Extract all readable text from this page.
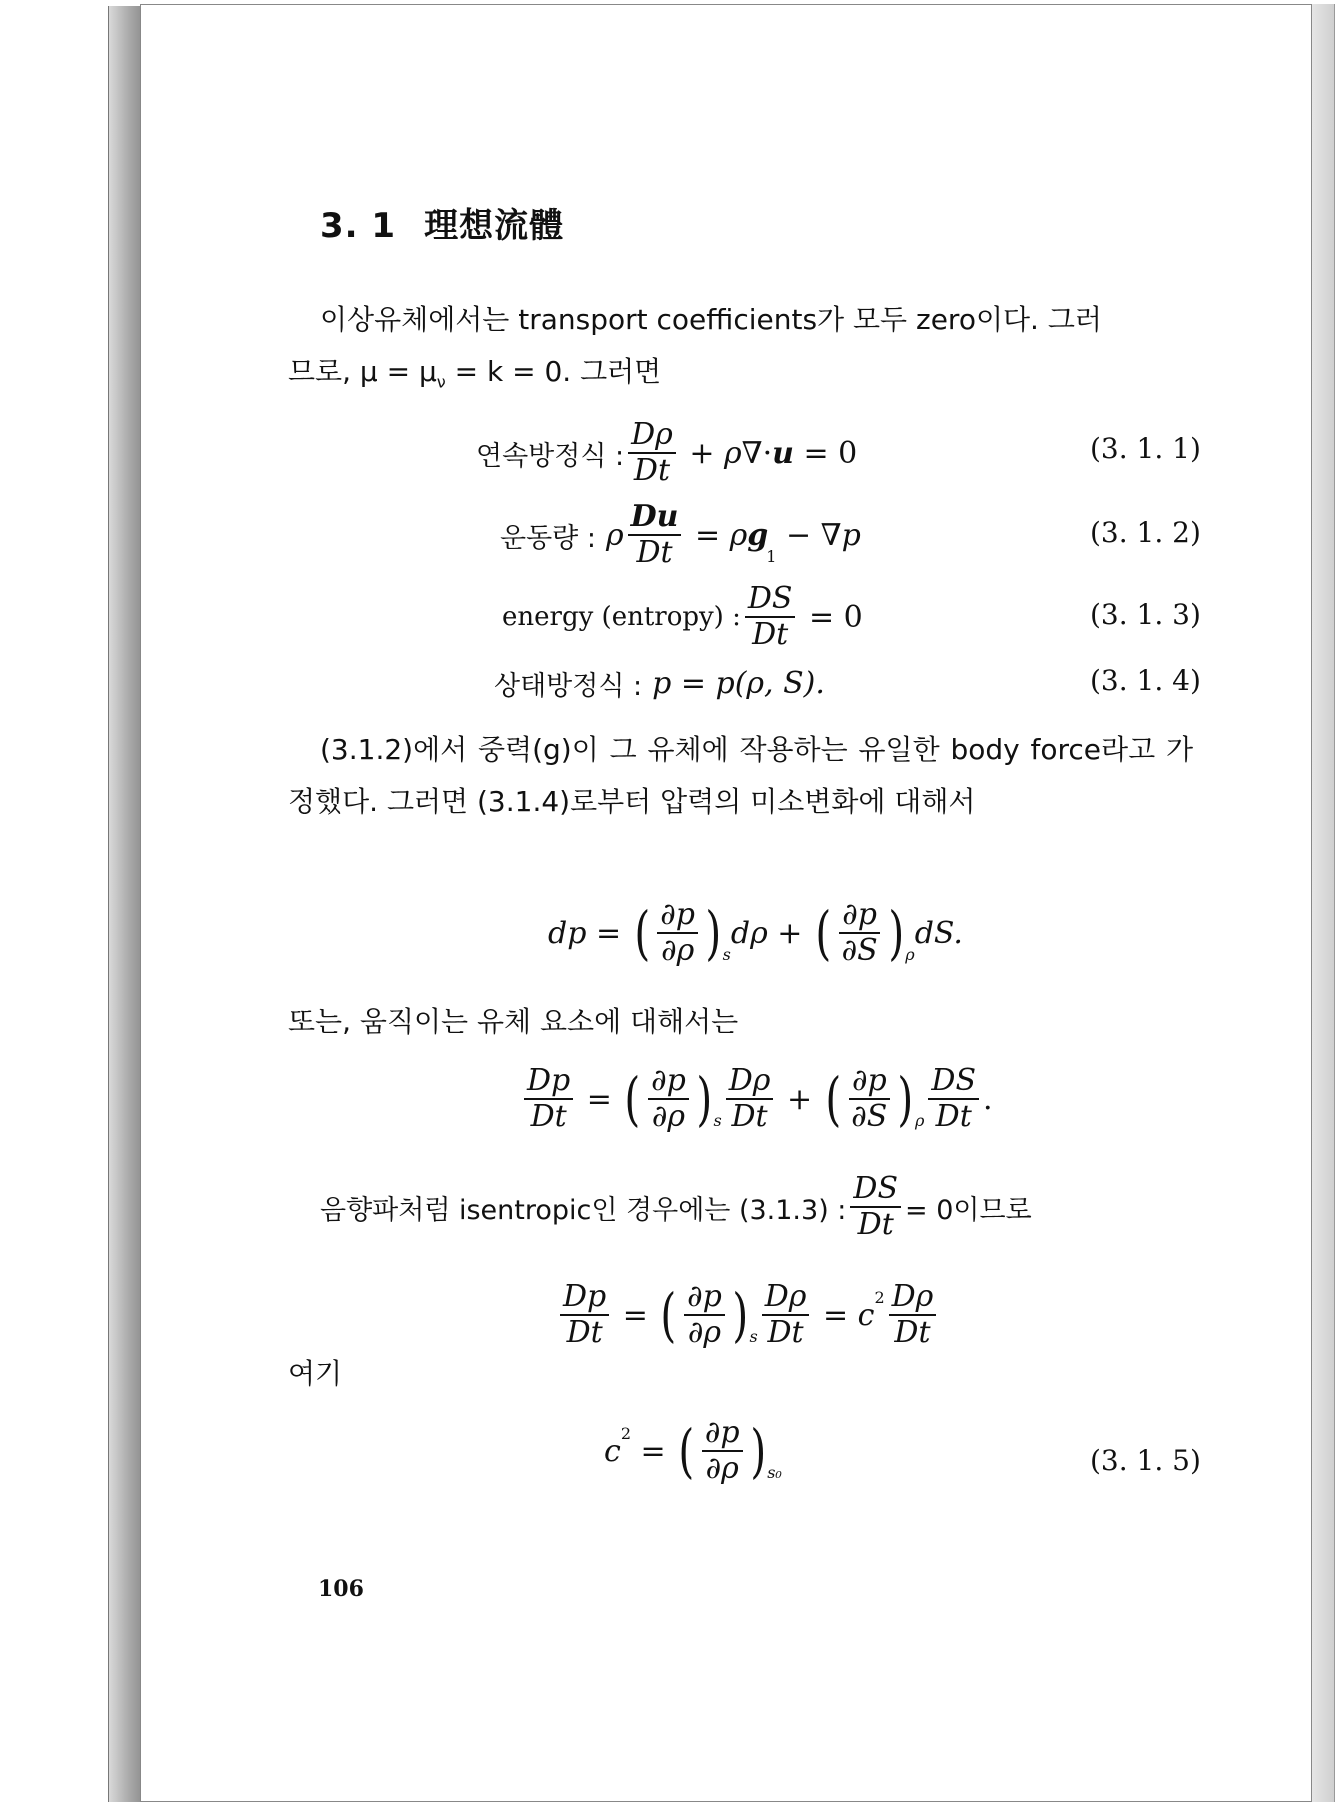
3. 1 理想流體
이상유체에서는 transport coefficients가 모두 zero이다. 그러
므로, $\mu = \mu_\nu = k = 0$. 그러면
연속방정식 : $\frac{D\rho}{Dt} + \rho$ ∇· u = 0	(3. 1. 1)
운동량 : ρ $\frac{Du}{Dt} = \rho$ g
1
− ∇ p	(3. 1. 2)
energy (entropy) : $\frac{DS}{Dt} = 0$	(3. 1. 3)
상태방정식 : p = p(ρ, S).	(3. 1. 4)
(3.1.2)에서 중력(g)이 그 유체에 작용하는 유일한 body force라고 가정했다. 그러면 (3.1.4)로부터 압력의 미소변화에 대해서
dp = ( $\frac{\partial p}{\partial\rho}$ ) s
dρ + ( $\frac{\partial p}{\partial S}$ ) ρ
dS.
또는, 움직이는 유체 요소에 대해서는
$\frac{Dp}{Dt}$ = ( $\frac{\partial p}{\partial\rho}$ ) s $\frac{D\rho}{Dt}$ + ( $\frac{\partial p}{\partial S}$ ) ρ $\frac{DS}{Dt}$ .
음향파처럼 isentropic인 경우에는 (3.1.3) : $\frac{DS}{Dt} = 0$이므로
$\frac{Dp}{Dt}$ = ( $\frac{\partial p}{\partial\rho}$ ) s $\frac{D\rho}{Dt} = c$ $2 \frac{D\rho}{Dt}$
여기
c 2 = ( $\frac{\partial p}{\partial\rho}$ ) s₀	(3. 1. 5)
106
